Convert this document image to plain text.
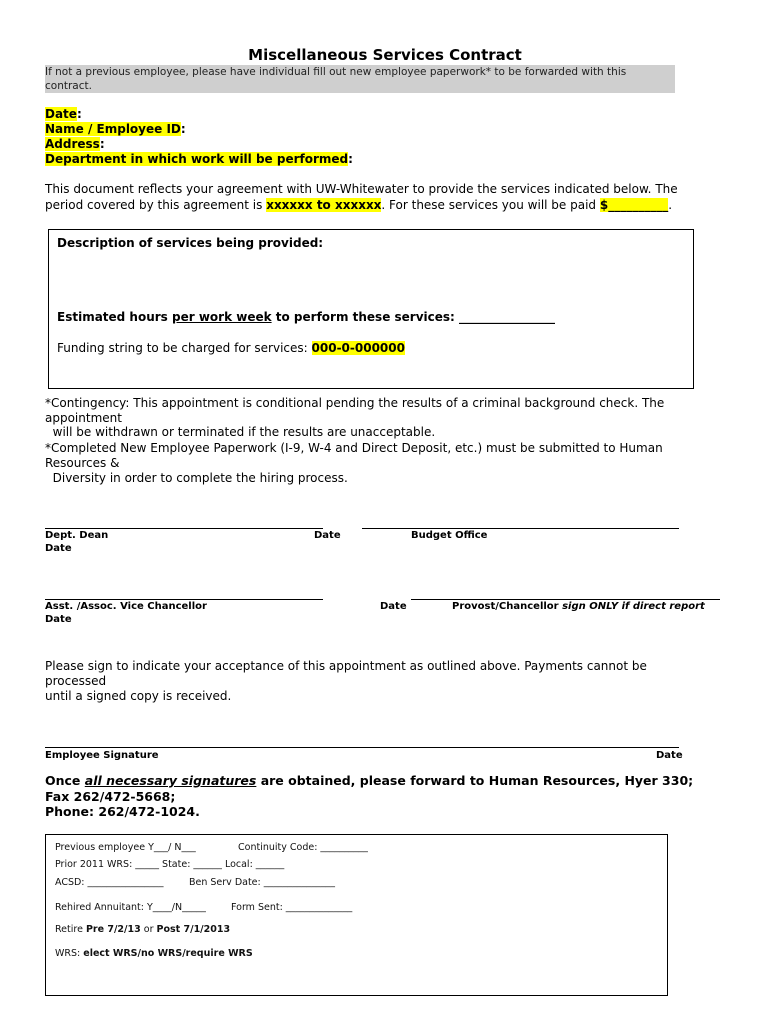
Miscellaneous Services Contract
If not a previous employee, please have individual fill out new employee paperwork* to be forwarded with this contract.
Date:
Name / Employee ID:
Address:
Department in which work will be performed:
This document reflects your agreement with UW-Whitewater to provide the services indicated below. The
period covered by this agreement is xxxxxx to xxxxxx. For these services you will be paid $__________.
Description of services being provided:
Estimated hours per work week to perform these services: ________________
Funding string to be charged for services: 000-0-000000
*Contingency: This appointment is conditional pending the results of a criminal background check. The
appointment
will be withdrawn or terminated if the results are unacceptable.
*Completed New Employee Paperwork (I-9, W-4 and Direct Deposit, etc.) must be submitted to Human
Resources &
Diversity in order to complete the hiring process.
Dept. Dean	Date	Budget Office
Date
Asst. /Assoc. Vice Chancellor	Date	Provost/Chancellor sign ONLY if direct report
Date
Please sign to indicate your acceptance of this appointment as outlined above. Payments cannot be
processed
until a signed copy is received.
Employee Signature	Date
Once all necessary signatures are obtained, please forward to Human Resources, Hyer 330;
Fax 262/472-5668;
Phone: 262/472-1024.
Previous employee Y___/ N___	Continuity Code: __________
Prior 2011 WRS: _____ State: ______ Local: ______
ACSD: ________________	Ben Serv Date: _______________
Rehired Annuitant: Y____/N_____	Form Sent: ______________
Retire Pre 7/2/13 or Post 7/1/2013
WRS: elect WRS/no WRS/require WRS
